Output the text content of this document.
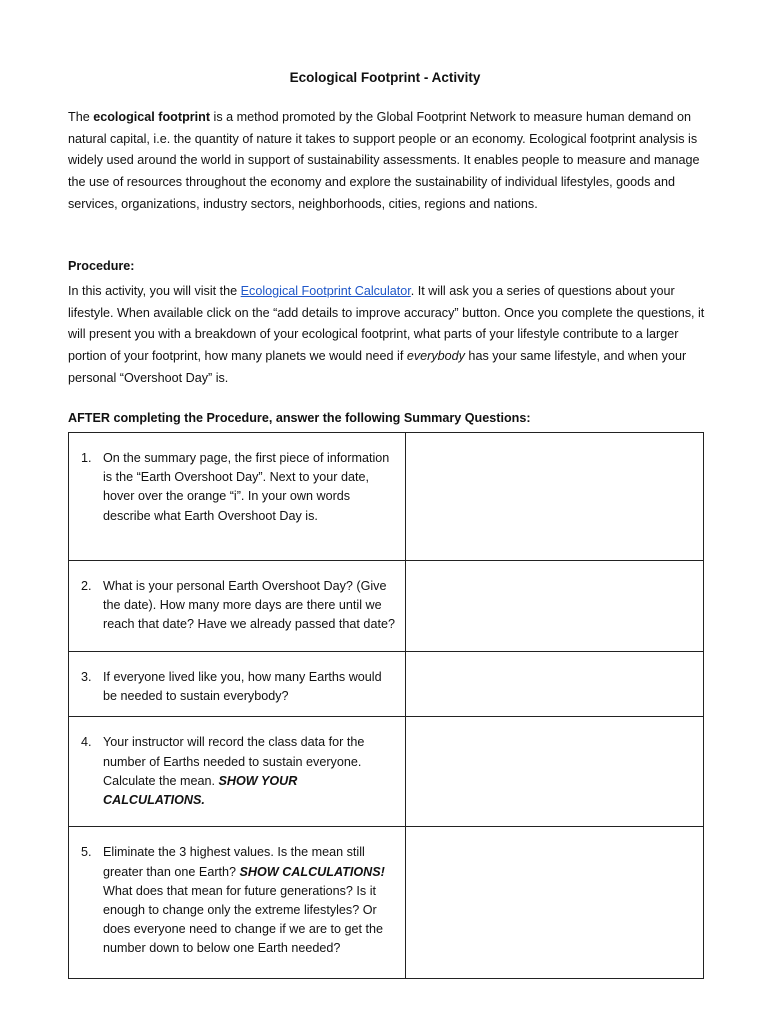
Ecological Footprint - Activity

The ecological footprint is a method promoted by the Global Footprint Network to measure human demand on natural capital, i.e. the quantity of nature it takes to support people or an economy. Ecological footprint analysis is widely used around the world in support of sustainability assessments. It enables people to measure and manage the use of resources throughout the economy and explore the sustainability of individual lifestyles, goods and services, organizations, industry sectors, neighborhoods, cities, regions and nations.

Procedure:

In this activity, you will visit the Ecological Footprint Calculator. It will ask you a series of questions about your lifestyle. When available click on the “add details to improve accuracy” button. Once you complete the questions, it will present you with a breakdown of your ecological footprint, what parts of your lifestyle contribute to a larger portion of your footprint, how many planets we would need if everybody has your same lifestyle, and when your personal “Overshoot Day” is.

AFTER completing the Procedure, answer the following Summary Questions:

1. On the summary page, the first piece of information is the “Earth Overshoot Day”. Next to your date, hover over the orange “i”. In your own words describe what Earth Overshoot Day is.	

2. What is your personal Earth Overshoot Day? (Give the date). How many more days are there until we reach that date? Have we already passed that date?	

3. If everyone lived like you, how many Earths would be needed to sustain everybody?	

4. Your instructor will record the class data for the number of Earths needed to sustain everyone. Calculate the mean. SHOW YOUR CALCULATIONS.	

5. Eliminate the 3 highest values. Is the mean still greater than one Earth? SHOW CALCULATIONS! What does that mean for future generations? Is it enough to change only the extreme lifestyles? Or does everyone need to change if we are to get the number down to below one Earth needed?	
